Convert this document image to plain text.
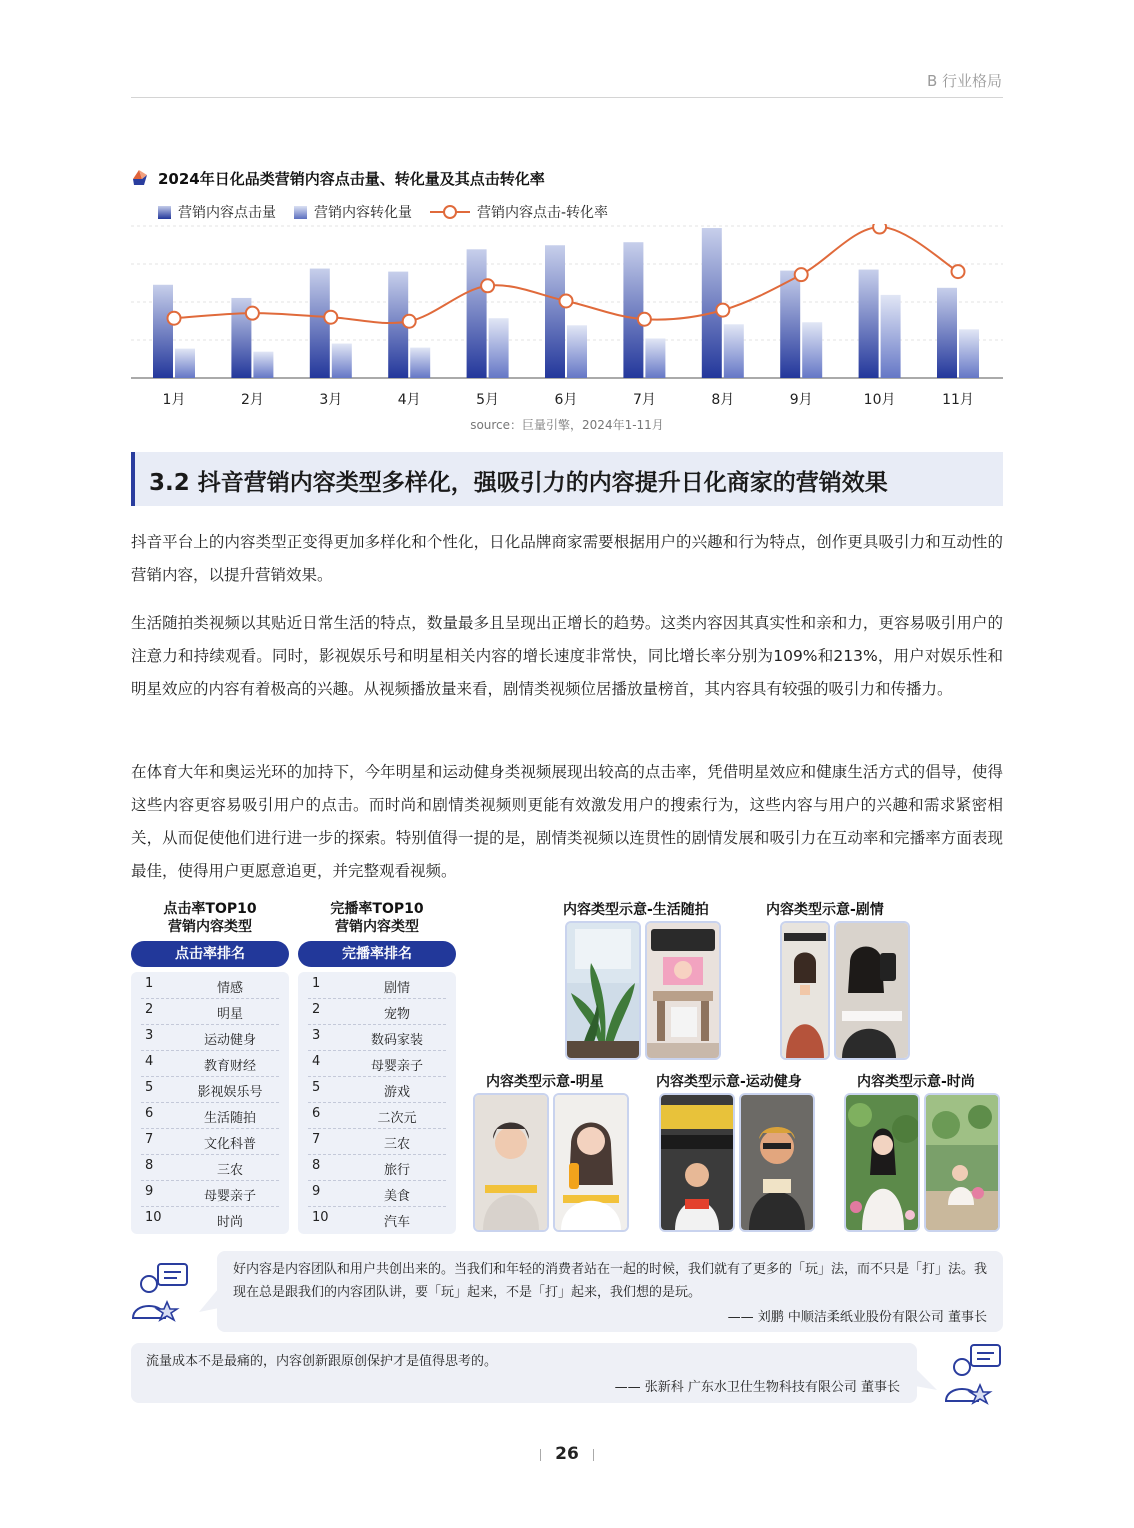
B 行业格局
2024年日化品类营销内容点击量、转化量及其点击转化率
营销内容点击量	营销内容转化量	营销内容点击-转化率
1月	2月	3月	4月	5月	6月	7月	8月	9月	10月	11月
source：巨量引擎，2024年1-11月
3.2 抖音营销内容类型多样化，强吸引力的内容提升日化商家的营销效果

抖音平台上的内容类型正变得更加多样化和个性化，日化品牌商家需要根据用户的兴趣和行为特点，创作更具吸引力和互动性的营销内容，以提升营销效果。

生活随拍类视频以其贴近日常生活的特点，数量最多且呈现出正增长的趋势。这类内容因其真实性和亲和力，更容易吸引用户的注意力和持续观看。同时，影视娱乐号和明星相关内容的增长速度非常快，同比增长率分别为109%和213%，用户对娱乐性和明星效应的内容有着极高的兴趣。从视频播放量来看，剧情类视频位居播放量榜首，其内容具有较强的吸引力和传播力。

在体育大年和奥运光环的加持下，今年明星和运动健身类视频展现出较高的点击率，凭借明星效应和健康生活方式的倡导，使得这些内容更容易吸引用户的点击。而时尚和剧情类视频则更能有效激发用户的搜索行为，这些内容与用户的兴趣和需求紧密相关，从而促使他们进行进一步的探索。特别值得一提的是，剧情类视频以连贯性的剧情发展和吸引力在互动率和完播率方面表现最佳，使得用户更愿意追更，并完整观看视频。

点击率TOP10
营销内容类型
点击率排名
1	情感
2	明星
3	运动健身
4	教育财经
5	影视娱乐号
6	生活随拍
7	文化科普
8	三农
9	母婴亲子
10	时尚
完播率TOP10
营销内容类型
完播率排名
1	剧情
2	宠物
3	数码家装
4	母婴亲子
5	游戏
6	二次元
7	三农
8	旅行
9	美食
10	汽车
内容类型示意-生活随拍	内容类型示意-剧情
内容类型示意-明星	内容类型示意-运动健身	内容类型示意-时尚
好内容是内容团队和用户共创出来的。当我们和年轻的消费者站在一起的时候，我们就有了更多的「玩」法，而不只是「打」法。我现在总是跟我们的内容团队讲，要「玩」起来，不是「打」起来，我们想的是玩。
—— 刘鹏 中顺洁柔纸业股份有限公司 董事长
流量成本不是最痛的，内容创新跟原创保护才是值得思考的。
—— 张新科 广东水卫仕生物科技有限公司 董事长
26
